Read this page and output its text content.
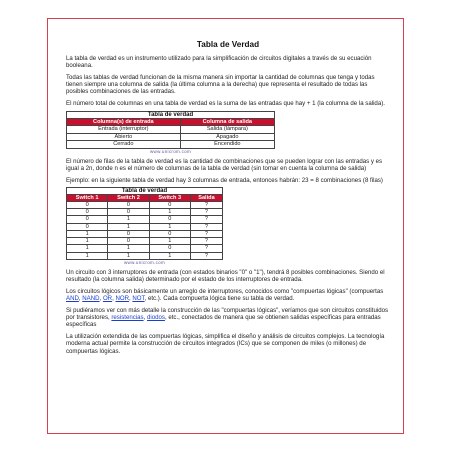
Tabla de Verdad

La tabla de verdad es un instrumento utilizado para la simplificación de circuitos digitales a través de su ecuación booleana.

Todas las tablas de verdad funcionan de la misma manera sin importar la cantidad de columnas que tenga y todas tienen siempre una columna de salida (la última columna a la derecha) que representa el resultado de todas las posibles combinaciones de las entradas.

El número total de columnas en una tabla de verdad es la suma de las entradas que hay + 1 (la columna de la salida).

Tabla de verdad	
Columna(s) de entrada	Columna de salida
Entrada (interruptor)	Salida (lámpara)
Abierto	Apagado
Cerrado	Encendido
www.unicrom.com

El número de filas de la tabla de verdad es la cantidad de combinaciones que se pueden lograr con las entradas y es igual a 2n, donde n es el número de columnas de la tabla de verdad (sin tomar en cuenta la columna de salida)

Ejemplo: en la siguiente tabla de verdad hay 3 columnas de entrada, entonces habrán: 23 = 8 combinaciones (8 filas)

Tabla de verdad			
Switch 1	Switch 2	Switch 3	Salida
0	0	0	?
0	0	1	?
0	1	0	?
0	1	1	?
1	0	0	?
1	0	1	?
1	1	0	?
1	1	1	?
www.unicrom.com

Un circuito con 3 interruptores de entrada (con estados binarios "0" o "1"), tendrá 8 posibles combinaciones. Siendo el resultado (la columna salida) determinado por el estado de los interruptores de entrada.

Los circuitos lógicos son básicamente un arreglo de interruptores, conocidos como "compuertas lógicas" (compuertas AND, NAND, OR, NOR, NOT, etc.). Cada compuerta lógica tiene su tabla de verdad.

Si pudiéramos ver con más detalle la construcción de las "compuertas lógicas", veríamos que son circuitos constituidos por transistores, resistencias, diodos, etc., conectados de manera que se obtienen salidas específicas para entradas específicas

La utilización extendida de las compuertas lógicas, simplifica el diseño y análisis de circuitos complejos. La tecnología moderna actual permite la construcción de circuitos integrados (ICs) que se componen de miles (o millones) de compuertas lógicas.
